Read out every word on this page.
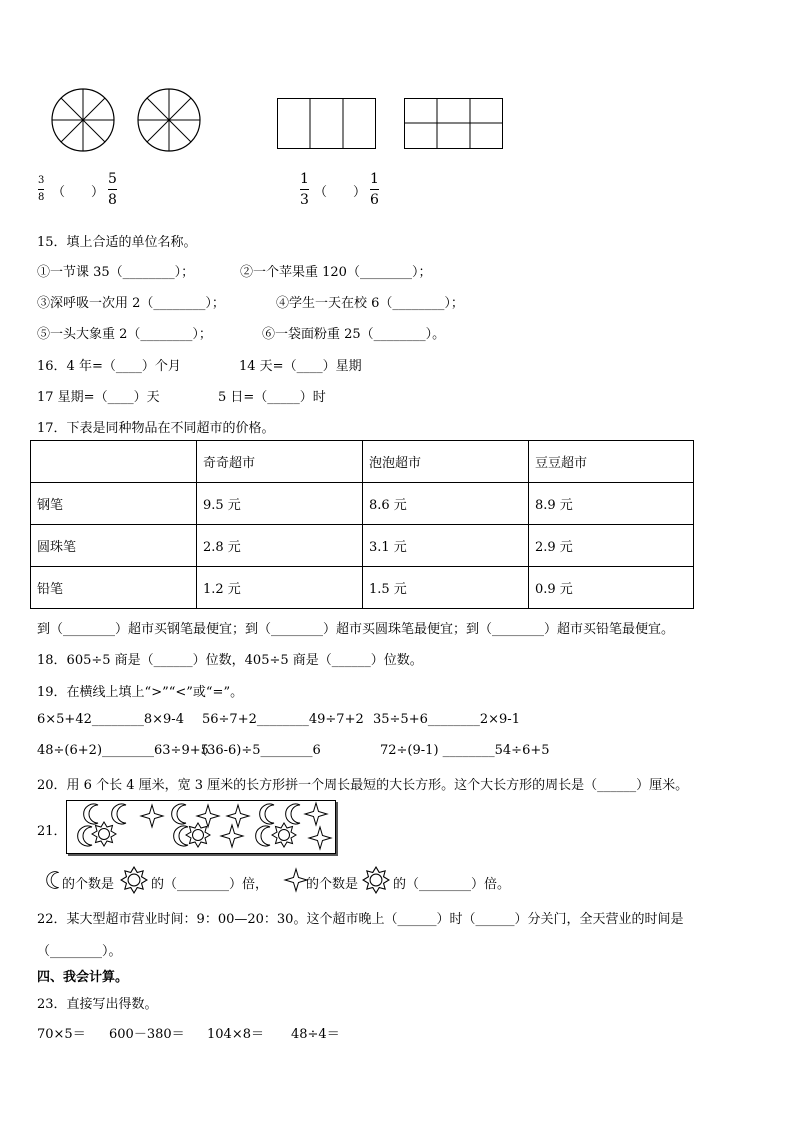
3
8 （　　）
5
8
1
3 （　　）
1
6
15．填上合适的单位名称。
①一节课 35（________）；	②一个苹果重 120（________）；
③深呼吸一次用 2（________）；	④学生一天在校 6（________）；
⑤一头大象重 2（________）；	⑥一袋面粉重 25（________）。
16．4 年=（____）个月	14 天=（____）星期
17 星期=（____）天	5 日=（_____）时
17．下表是同种物品在不同超市的价格。
	奇奇超市	泡泡超市	豆豆超市
钢笔	9.5 元	8.6 元	8.9 元
圆珠笔	2.8 元	3.1 元	2.9 元
铅笔	1.2 元	1.5 元	0.9 元
到（________）超市买钢笔最便宜；到（________）超市买圆珠笔最便宜；到（________）超市买铅笔最便宜。
18．605÷5 商是（______）位数，405÷5 商是（______）位数。
19．在横线上填上“>”“<”或“=”。
6×5+42________8×9-4 56÷7+2________49÷7+2 35÷5+6________2×9-1
48÷(6+2)________63÷9+5
(36-6)÷5________6	72÷(9-1) ________54÷6+5
20．用 6 个长 4 厘米，宽 3 厘米的长方形拼一个周长最短的大长方形。这个大长方形的周长是（______）厘米。
21．
的个数是	的（________）倍，	的个数是	的（________）倍。
22．某大型超市营业时间：9：00—20：30。这个超市晚上（______）时（______）分关门，全天营业的时间是
（________）。
四、我会计算。
23．直接写出得数。
70×5＝ 600－380＝ 104×8＝ 48÷4＝
